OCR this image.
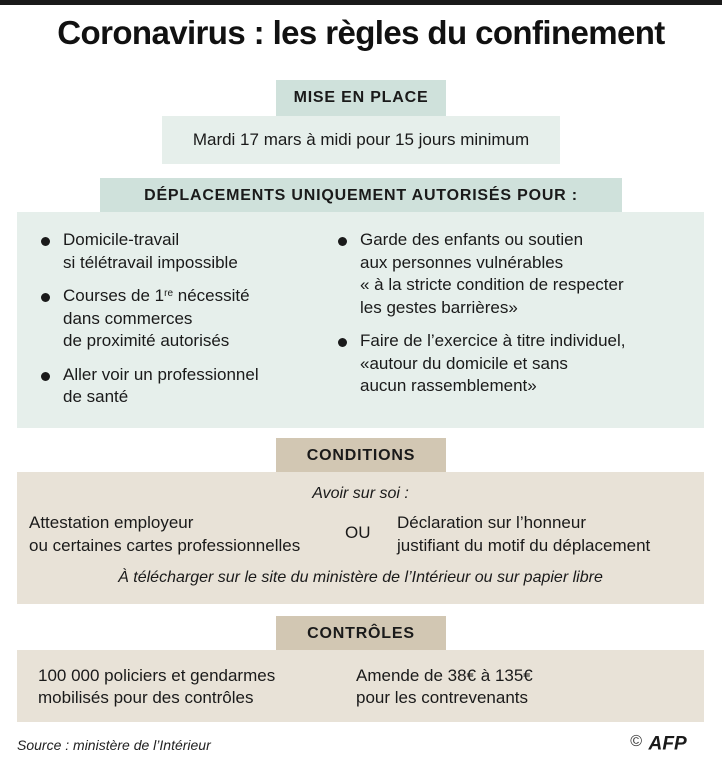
Coronavirus : les règles du confinement
MISE EN PLACE
Mardi 17 mars à midi pour 15 jours minimum
DÉPLACEMENTS UNIQUEMENT AUTORISÉS POUR :
Domicile-travail
si télétravail impossible
Courses de 1re nécessité
dans commerces
de proximité autorisés
Aller voir un professionnel
de santé
Garde des enfants ou soutien
aux personnes vulnérables
« à la stricte condition de respecter
les gestes barrières»
Faire de l’exercice à titre individuel,
«autour du domicile et sans
aucun rassemblement»
CONDITIONS
Avoir sur soi :
Attestation employeur
ou certaines cartes professionnelles
OU
Déclaration sur l’honneur
justifiant du motif du déplacement
À télécharger sur le site du ministère de l’Intérieur ou sur papier libre
CONTRÔLES
100 000 policiers et gendarmes
mobilisés pour des contrôles
Amende de 38€ à 135€
pour les contrevenants
Source : ministère de l’Intérieur	© AFP
